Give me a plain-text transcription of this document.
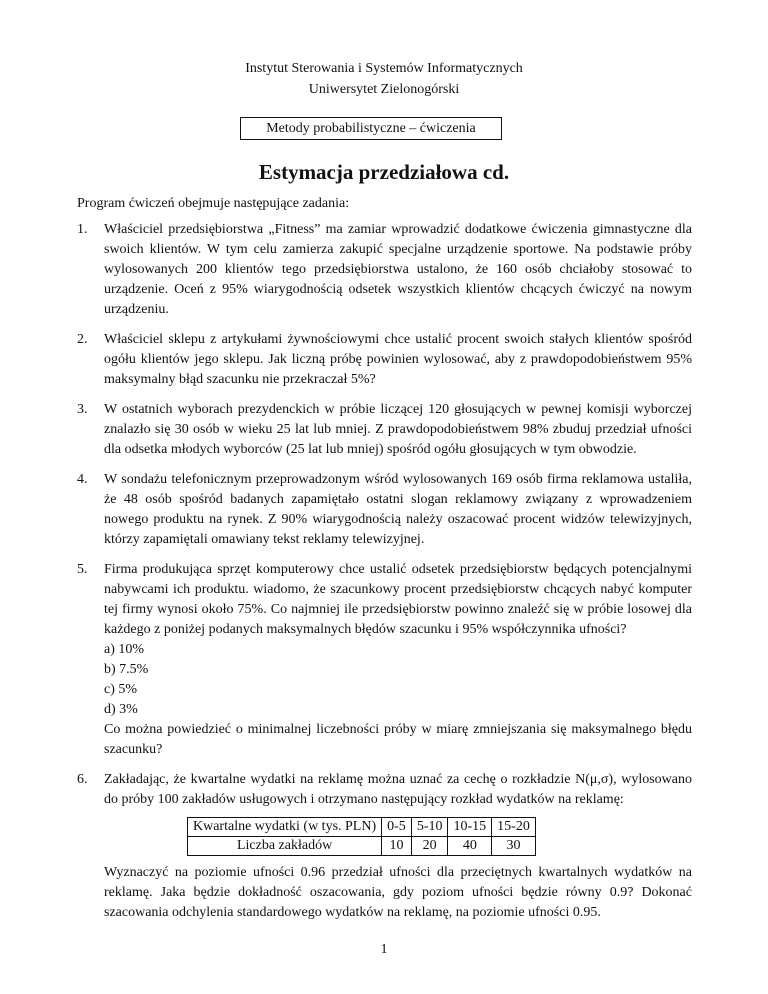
Instytut Sterowania i Systemów Informatycznych
Uniwersytet Zielonogórski
Metody probabilistyczne – ćwiczenia
Estymacja przedziałowa cd.
Program ćwiczeń obejmuje następujące zadania:
1. Właściciel przedsiębiorstwa „Fitness” ma zamiar wprowadzić dodatkowe ćwiczenia gimnastyczne dla swoich klientów. W tym celu zamierza zakupić specjalne urządzenie sportowe. Na podstawie próby wylosowanych 200 klientów tego przedsiębiorstwa ustalono, że 160 osób chciałoby stosować to urządzenie. Oceń z 95% wiarygodnością odsetek wszystkich klientów chcących ćwiczyć na nowym urządzeniu.

2. Właściciel sklepu z artykułami żywnościowymi chce ustalić procent swoich stałych klientów spośród ogółu klientów jego sklepu. Jak liczną próbę powinien wylosować, aby z prawdopodobieństwem 95% maksymalny błąd szacunku nie przekraczał 5%?

3. W ostatnich wyborach prezydenckich w próbie liczącej 120 głosujących w pewnej komisji wyborczej znalazło się 30 osób w wieku 25 lat lub mniej. Z prawdopodobieństwem 98% zbuduj przedział ufności dla odsetka młodych wyborców (25 lat lub mniej) spośród ogółu głosujących w tym obwodzie.

4. W sondażu telefonicznym przeprowadzonym wśród wylosowanych 169 osób firma reklamowa ustaliła, że 48 osób spośród badanych zapamiętało ostatni slogan reklamowy związany z wprowadzeniem nowego produktu na rynek. Z 90% wiarygodnością należy oszacować procent widzów telewizyjnych, którzy zapamiętali omawiany tekst reklamy telewizyjnej.

5. Firma produkująca sprzęt komputerowy chce ustalić odsetek przedsiębiorstw będących potencjalnymi nabywcami ich produktu. wiadomo, że szacunkowy procent przedsiębiorstw chcących nabyć komputer tej firmy wynosi około 75%. Co najmniej ile przedsiębiorstw powinno znaleźć się w próbie losowej dla każdego z poniżej podanych maksymalnych błędów szacunku i 95% współczynnika ufności?

a) 10%

b) 7.5%

c) 5%

d) 3%

Co można powiedzieć o minimalnej liczebności próby w miarę zmniejszania się maksymalnego błędu szacunku?

6. Zakładając, że kwartalne wydatki na reklamę można uznać za cechę o rozkładzie N(μ,σ), wylosowano do próby 100 zakładów usługowych i otrzymano następujący rozkład wydatków na reklamę:

Kwartalne wydatki (w tys. PLN)	0-5	5-10	10-15	15-20
Liczba zakładów	10	20	40	30

Wyznaczyć na poziomie ufności 0.96 przedział ufności dla przeciętnych kwartalnych wydatków na reklamę. Jaka będzie dokładność oszacowania, gdy poziom ufności będzie równy 0.9? Dokonać szacowania odchylenia standardowego wydatków na reklamę, na poziomie ufności 0.95.

1
